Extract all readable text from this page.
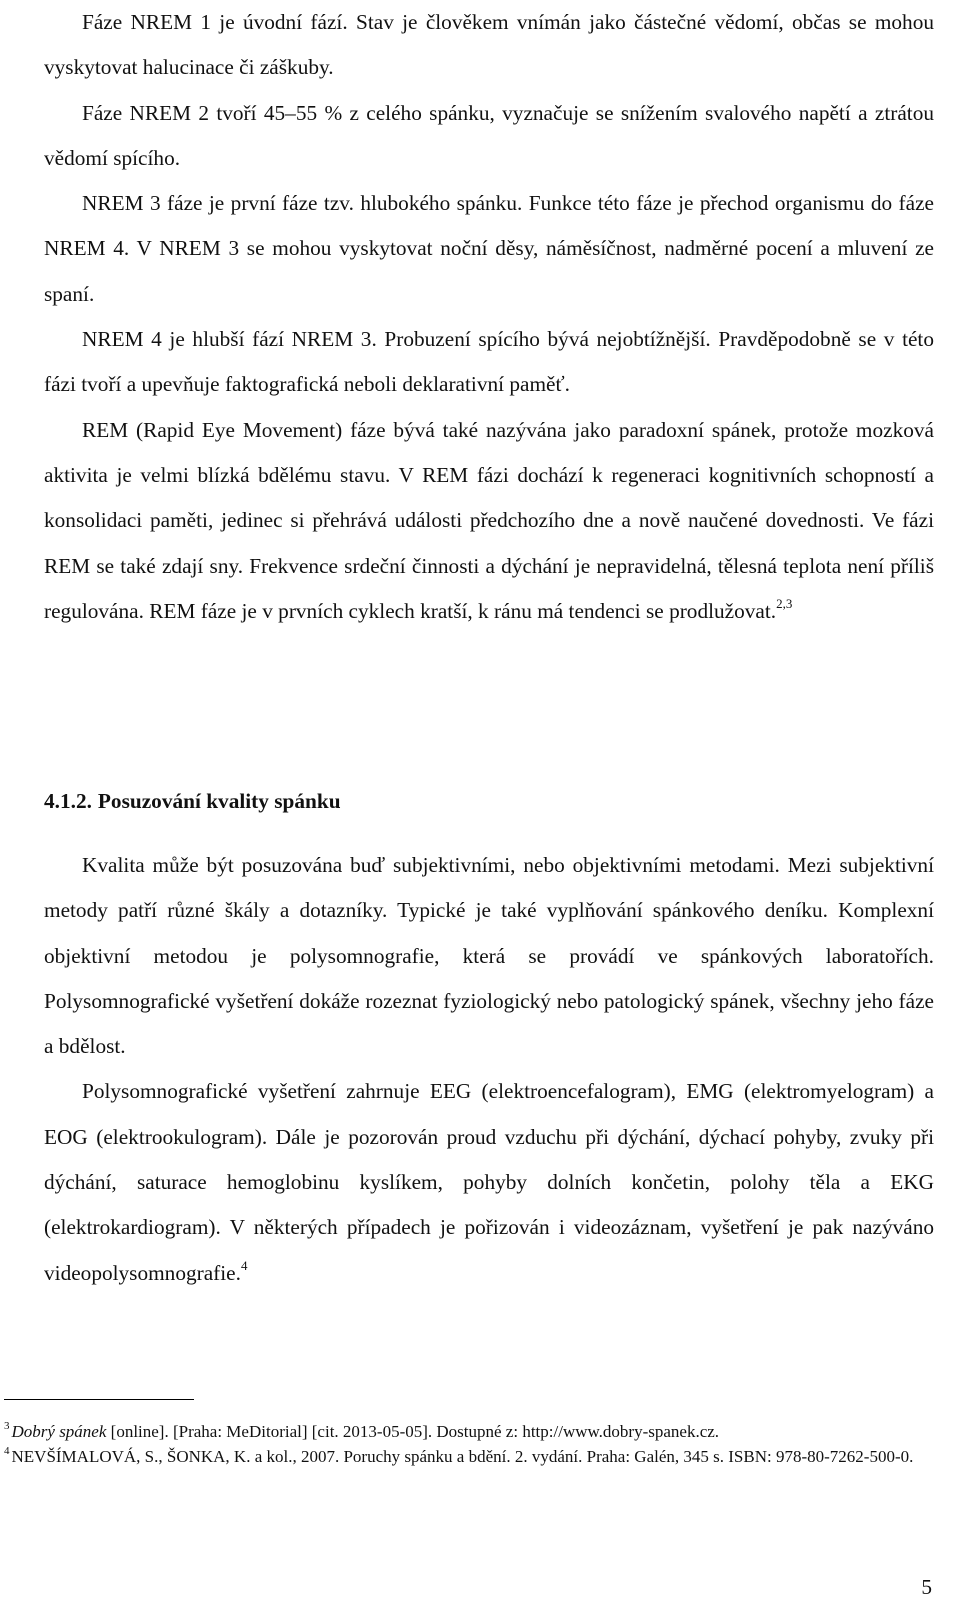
Fáze NREM 1 je úvodní fází. Stav je člověkem vnímán jako částečné vědomí, občas se mohou vyskytovat halucinace či záškuby.

Fáze NREM 2 tvoří 45–55 % z celého spánku, vyznačuje se snížením svalového napětí a ztrátou vědomí spícího.

NREM 3 fáze je první fáze tzv. hlubokého spánku. Funkce této fáze je přechod organismu do fáze NREM 4. V NREM 3 se mohou vyskytovat noční děsy, náměsíčnost, nadměrné pocení a mluvení ze spaní.

NREM 4 je hlubší fází NREM 3. Probuzení spícího bývá nejobtížnější. Pravděpodobně se v této fázi tvoří a upevňuje faktografická neboli deklarativní paměť.

REM (Rapid Eye Movement) fáze bývá také nazývána jako paradoxní spánek, protože mozková aktivita je velmi blízká bdělému stavu. V REM fázi dochází k regeneraci kognitivních schopností a konsolidaci paměti, jedinec si přehrává události předchozího dne a nově naučené dovednosti. Ve fázi REM se také zdají sny. Frekvence srdeční činnosti a dýchání je nepravidelná, tělesná teplota není příliš regulována. REM fáze je v prvních cyklech kratší, k ránu má tendenci se prodlužovat.$^{2,3}$

4.1.2. Posuzování kvality spánku

Kvalita může být posuzována buď subjektivními, nebo objektivními metodami. Mezi subjektivní metody patří různé škály a dotazníky. Typické je také vyplňování spánkového deníku. Komplexní objektivní metodou je polysomnografie, která se provádí ve spánkových laboratořích. Polysomnografické vyšetření dokáže rozeznat fyziologický nebo patologický spánek, všechny jeho fáze a bdělost.

Polysomnografické vyšetření zahrnuje EEG (elektroencefalogram), EMG (elektromyelogram) a EOG (elektrookulogram). Dále je pozorován proud vzduchu při dýchání, dýchací pohyby, zvuky při dýchání, saturace hemoglobinu kyslíkem, pohyby dolních končetin, polohy těla a EKG (elektrokardiogram). V některých případech je pořizován i videozáznam, vyšetření je pak nazýváno videopolysomnografie.$^4$

$^3$ Dobrý spánek [online]. [Praha: MeDitorial] [cit. 2013-05-05]. Dostupné z: http://www.dobry-spanek.cz.

$^4$ NEVŠÍMALOVÁ, S., ŠONKA, K. a kol., 2007. Poruchy spánku a bdění. 2. vydání. Praha: Galén, 345 s. ISBN: 978-80-7262-500-0.

5
